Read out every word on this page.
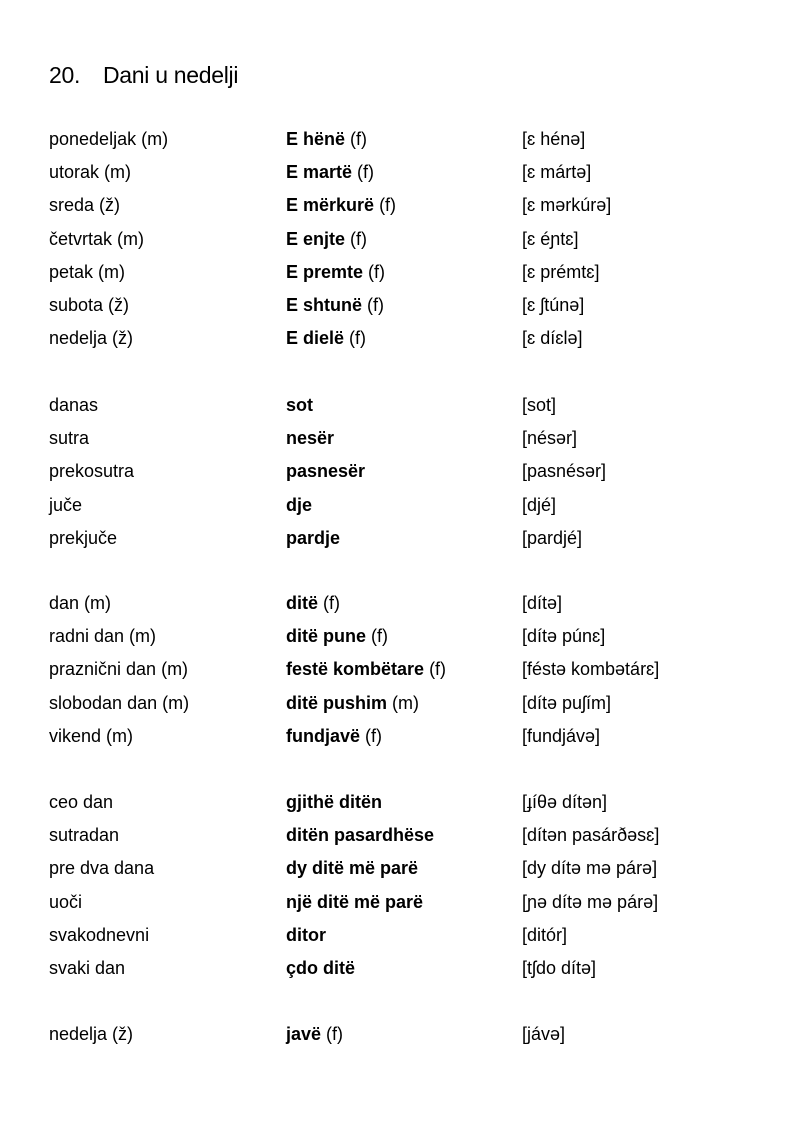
20. Dani u nedelji
ponedeljak (m)	E hënë (f)	[ɛ hénə]
utorak (m)	E martë (f)	[ɛ mártə]
sreda (ž)	E mërkurë (f)	[ɛ mərkúrə]
četvrtak (m)	E enjte (f)	[ɛ éɲtɛ]
petak (m)	E premte (f)	[ɛ prémtɛ]
subota (ž)	E shtunë (f)	[ɛ ʃtúnə]
nedelja (ž)	E dielë (f)	[ɛ díɛlə]
danas	sot	[sot]
sutra	nesër	[nésər]
prekosutra	pasnesër	[pasnésər]
juče	dje	[djé]
prekjuče	pardje	[pardjé]
dan (m)	ditë (f)	[dítə]
radni dan (m)	ditë pune (f)	[dítə púnɛ]
praznični dan (m)	festë kombëtare (f)	[féstə kombətárɛ]
slobodan dan (m)	ditë pushim (m)	[dítə puʃím]
vikend (m)	fundjavë (f)	[fundjávə]
ceo dan	gjithë ditën	[ɟíθə dítən]
sutradan	ditën pasardhëse	[dítən pasárðəsɛ]
pre dva dana	dy ditë më parë	[dy dítə mə párə]
uoči	një ditë më parë	[ɲə dítə mə párə]
svakodnevni	ditor	[ditór]
svaki dan	çdo ditë	[tʃdo dítə]
nedelja (ž)	javë (f)	[jávə]
